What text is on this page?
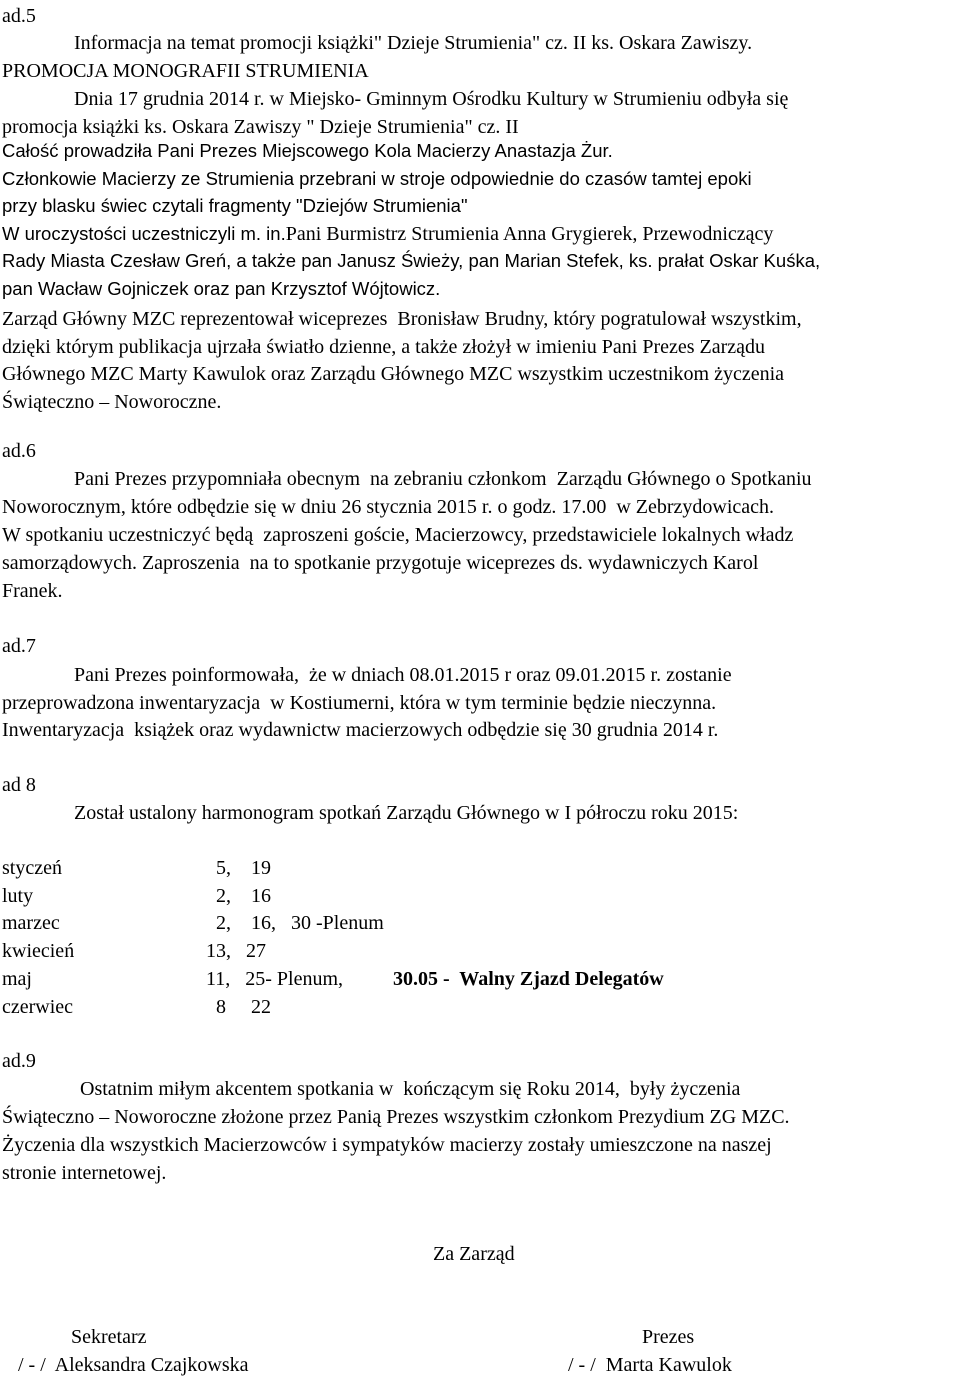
ad.5
Informacja na temat promocji książki" Dzieje Strumienia" cz. II ks. Oskara Zawiszy.
PROMOCJA MONOGRAFII STRUMIENIA
Dnia 17 grudnia 2014 r. w Miejsko- Gminnym Ośrodku Kultury w Strumieniu odbyła się
promocja książki ks. Oskara Zawiszy " Dzieje Strumienia" cz. II
Całość prowadziła Pani Prezes Miejscowego Kola Macierzy Anastazja Żur.
Członkowie Macierzy ze Strumienia przebrani w stroje odpowiednie do czasów tamtej epoki
przy blasku świec czytali fragmenty "Dziejów Strumienia"
W uroczystości uczestniczyli m. in.Pani Burmistrz Strumienia Anna Grygierek, Przewodniczący
Rady Miasta Czesław Greń, a także pan Janusz Świeży, pan Marian Stefek, ks. prałat Oskar Kuśka,
pan Wacław Gojniczek oraz pan Krzysztof Wójtowicz.
Zarząd Główny MZC reprezentował wiceprezes  Bronisław Brudny, który pogratulował wszystkim,
dzięki którym publikacja ujrzała światło dzienne, a także złożył w imieniu Pani Prezes Zarządu
Głównego MZC Marty Kawulok oraz Zarządu Głównego MZC wszystkim uczestnikom życzenia
Świąteczno – Noworoczne.
ad.6
Pani Prezes przypomniała obecnym  na zebraniu członkom  Zarządu Głównego o Spotkaniu
Noworocznym, które odbędzie się w dniu 26 stycznia 2015 r. o godz. 17.00  w Zebrzydowicach.
W spotkaniu uczestniczyć będą  zaproszeni goście, Macierzowcy, przedstawiciele lokalnych władz
samorządowych. Zaproszenia  na to spotkanie przygotuje wiceprezes ds. wydawniczych Karol
Franek.
ad.7
Pani Prezes poinformowała,  że w dniach 08.01.2015 r oraz 09.01.2015 r. zostanie
przeprowadzona inwentaryzacja  w Kostiumerni, która w tym terminie będzie nieczynna.
Inwentaryzacja  książek oraz wydawnictw macierzowych odbędzie się 30 grudnia 2014 r.
ad 8
Został ustalony harmonogram spotkań Zarządu Głównego w I półroczu roku 2015:
styczeń	5,    19
luty	2,    16
marzec	2,    16,   30 -Plenum
kwiecień	13,   27
maj	11,   25- Plenum, 30.05 -  Walny Zjazd Delegatów
czerwiec	8     22
ad.9
Ostatnim miłym akcentem spotkania w  kończącym się Roku 2014,  były życzenia
Świąteczno – Noworoczne złożone przez Panią Prezes wszystkim członkom Prezydium ZG MZC.
Życzenia dla wszystkich Macierzowców i sympatyków macierzy zostały umieszczone na naszej
stronie internetowej.
Za Zarząd
Sekretarz	Prezes
/ - /  Aleksandra Czajkowska	/ - /  Marta Kawulok
